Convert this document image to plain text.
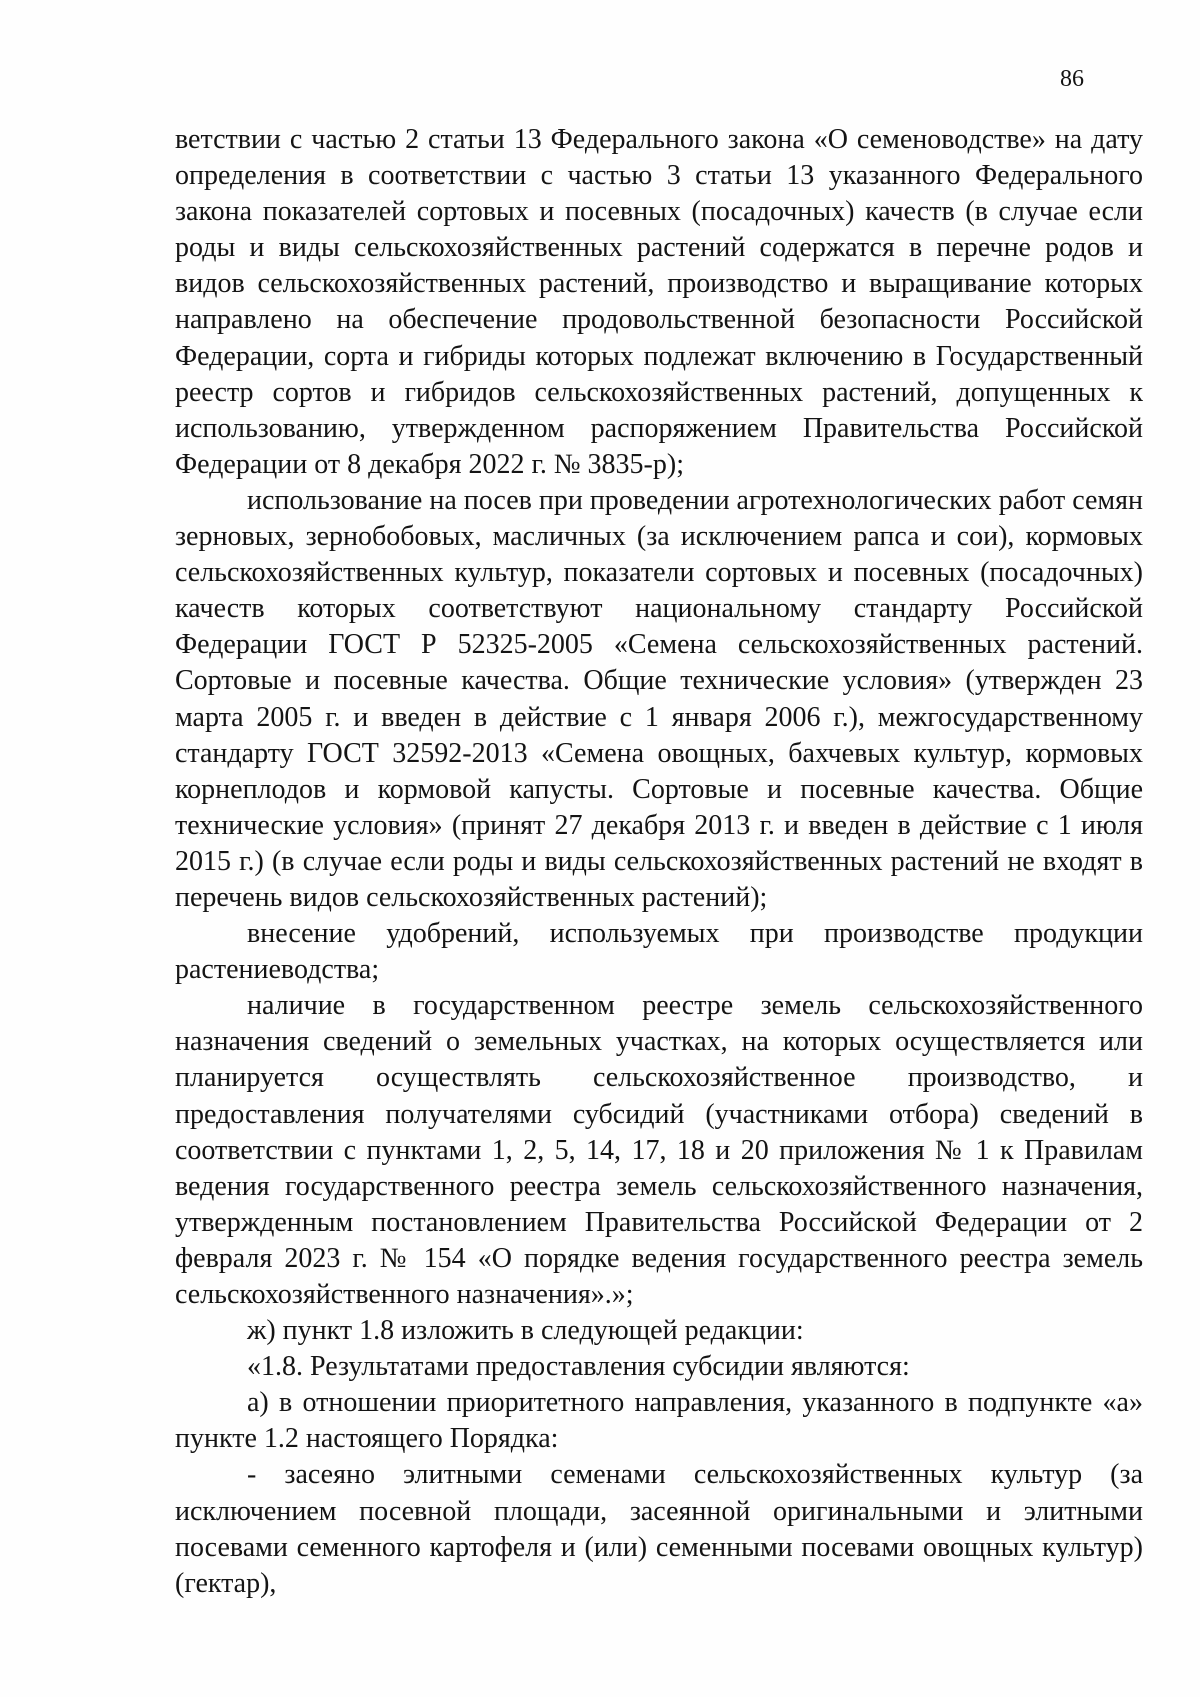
86

ветствии с частью 2 статьи 13 Федерального закона «О семеноводстве» на дату определения в соответствии с частью 3 статьи 13 указанного Федерального закона показателей сортовых и посевных (посадочных) качеств (в случае если роды и виды сельскохозяйственных растений содержатся в перечне родов и видов сельскохозяйственных растений, производство и выращивание которых направлено на обеспечение продовольственной безопасности Российской Федерации, сорта и гибриды которых подлежат включению в Государственный реестр сортов и гибридов сельскохозяйственных растений, допущенных к использованию, утвержденном распоряжением Правительства Российской Федерации от 8 декабря 2022 г. № 3835-р);

использование на посев при проведении агротехнологических работ семян зерновых, зернобобовых, масличных (за исключением рапса и сои), кормовых сельскохозяйственных культур, показатели сортовых и посевных (посадочных) качеств которых соответствуют национальному стандарту Российской Федерации ГОСТ Р 52325-2005 «Семена сельскохозяйственных растений. Сортовые и посевные качества. Общие технические условия» (утвержден 23 марта 2005 г. и введен в действие с 1 января 2006 г.), межгосударственному стандарту ГОСТ 32592-2013 «Семена овощных, бахчевых культур, кормовых корнеплодов и кормовой капусты. Сортовые и посевные качества. Общие технические условия» (принят 27 декабря 2013 г. и введен в действие с 1 июля 2015 г.) (в случае если роды и виды сельскохозяйственных растений не входят в перечень видов сельскохозяйственных растений);

внесение удобрений, используемых при производстве продукции растениеводства;

наличие в государственном реестре земель сельскохозяйственного назначения сведений о земельных участках, на которых осуществляется или планируется осуществлять сельскохозяйственное производство, и предоставления получателями субсидий (участниками отбора) сведений в соответствии с пунктами 1, 2, 5, 14, 17, 18 и 20 приложения № 1 к Правилам ведения государственного реестра земель сельскохозяйственного назначения, утвержденным постановлением Правительства Российской Федерации от 2 февраля 2023 г. № 154 «О порядке ведения государственного реестра земель сельскохозяйственного назначения».»;

ж) пункт 1.8 изложить в следующей редакции:

«1.8. Результатами предоставления субсидии являются:

а) в отношении приоритетного направления, указанного в подпункте «а» пункте 1.2 настоящего Порядка:

- засеяно элитными семенами сельскохозяйственных культур (за исключением посевной площади, засеянной оригинальными и элитными посевами семенного картофеля и (или) семенными посевами овощных культур) (гектар),
